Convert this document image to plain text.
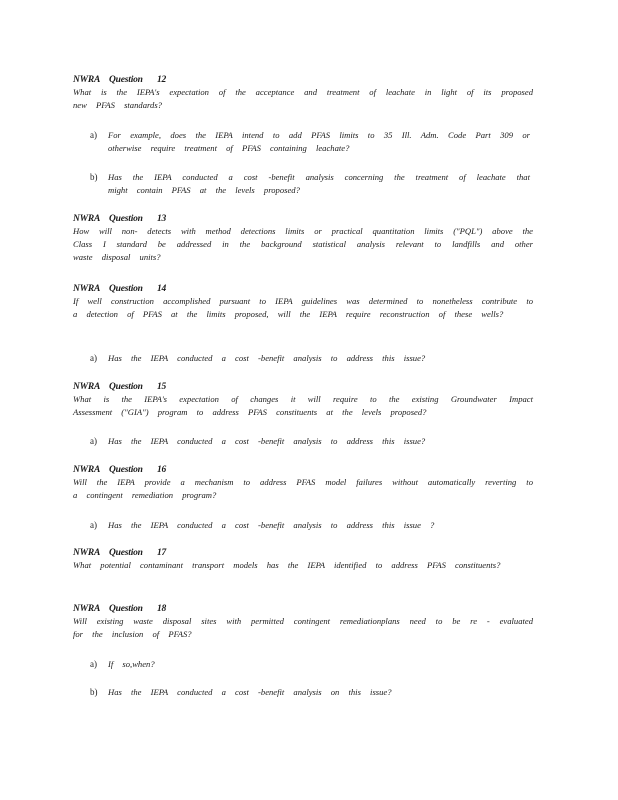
NWRA Question 12

What is the IEPA's expectation of the acceptance and treatment of leachate in light of its proposed new PFAS standards?

a)	For example, does the IEPA intend to add PFAS limits to 35 Ill. Adm. Code Part 309 or otherwise require treatment of PFAS containing leachate?
b)	Has the IEPA conducted a cost -benefit analysis concerning the treatment of leachate that might contain PFAS at the levels proposed?

NWRA Question 13

How will non- detects with method detections limits or practical quantitation limits ("PQL") above the Class I standard be addressed in the background statistical analysis relevant to landfills and other waste disposal units?

NWRA Question 14

If well construction accomplished pursuant to IEPA guidelines was determined to nonetheless contribute to a detection of PFAS at the limits proposed, will the IEPA require reconstruction of these wells?

a)	Has the IEPA conducted a cost -benefit analysis to address this issue?

NWRA Question 15

What is the IEPA's expectation of changes it will require to the existing Groundwater Impact Assessment ("GIA") program to address PFAS constituents at the levels proposed?

a)	Has the IEPA conducted a cost -benefit analysis to address this issue?

NWRA Question 16

Will the IEPA provide a mechanism to address PFAS model failures without automatically reverting to a contingent remediation program?

a)	Has the IEPA conducted a cost -benefit analysis to address this issue ?

NWRA Question 17

What potential contaminant transport models has the IEPA identified to address PFAS constituents?

NWRA Question 18

Will existing waste disposal sites with permitted contingent remediationplans need to be re - evaluated for the inclusion of PFAS?

a)	If so,when?
b)	Has the IEPA conducted a cost -benefit analysis on this issue?
